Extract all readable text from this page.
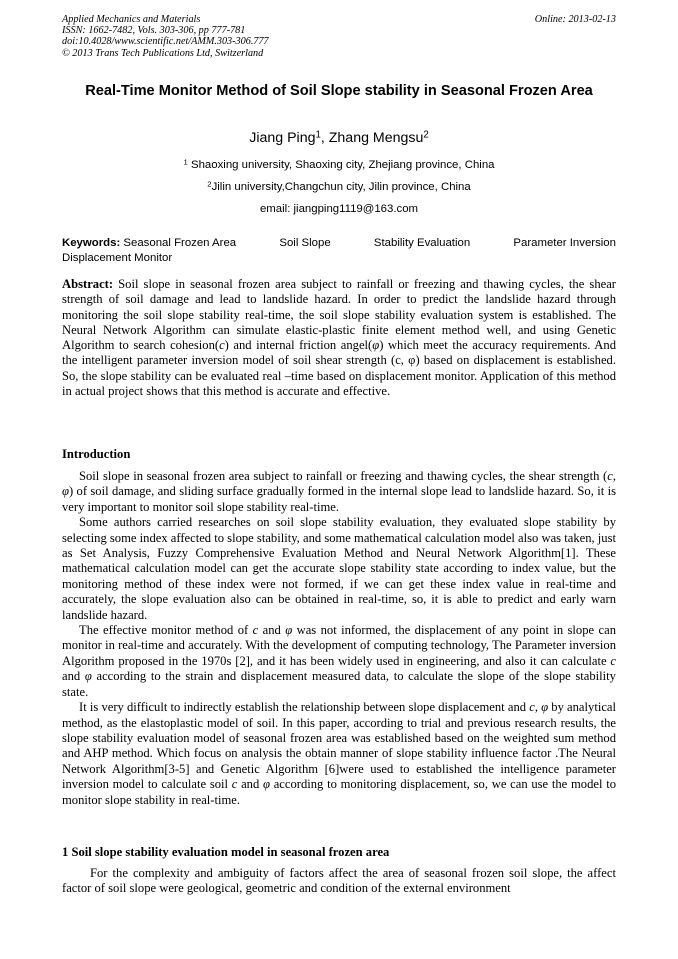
Applied Mechanics and Materials
ISSN: 1662-7482, Vols. 303-306, pp 777-781
doi:10.4028/www.scientific.net/AMM.303-306.777
© 2013 Trans Tech Publications Ltd, Switzerland
Online: 2013-02-13
Real-Time Monitor Method of Soil Slope stability in Seasonal Frozen Area
Jiang Ping$^1$, Zhang Mengsu$^2$
$^1$ Shaoxing university, Shaoxing city, Zhejiang province, China
$^2$Jilin university,Changchun city, Jilin province, China
email: jiangping1119@163.com
Keywords: Seasonal Frozen Area	Soil Slope	Stability Evaluation	Parameter Inversion
Displacement Monitor
Abstract: Soil slope in seasonal frozen area subject to rainfall or freezing and thawing cycles, the shear strength of soil damage and lead to landslide hazard. In order to predict the landslide hazard through monitoring the soil slope stability real-time, the soil slope stability evaluation system is established. The Neural Network Algorithm can simulate elastic-plastic finite element method well, and using Genetic Algorithm to search cohesion(c) and internal friction angel(φ) which meet the accuracy requirements. And the intelligent parameter inversion model of soil shear strength (c, φ) based on displacement is established. So, the slope stability can be evaluated real –time based on displacement monitor. Application of this method in actual project shows that this method is accurate and effective.
Introduction

Soil slope in seasonal frozen area subject to rainfall or freezing and thawing cycles, the shear strength (c, φ) of soil damage, and sliding surface gradually formed in the internal slope lead to landslide hazard. So, it is very important to monitor soil slope stability real-time.

Some authors carried researches on soil slope stability evaluation, they evaluated slope stability by selecting some index affected to slope stability, and some mathematical calculation model also was taken, just as Set Analysis, Fuzzy Comprehensive Evaluation Method and Neural Network Algorithm[1]. These mathematical calculation model can get the accurate slope stability state according to index value, but the monitoring method of these index were not formed, if we can get these index value in real-time and accurately, the slope evaluation also can be obtained in real-time, so, it is able to predict and early warn landslide hazard.

The effective monitor method of c and φ was not informed, the displacement of any point in slope can monitor in real-time and accurately. With the development of computing technology, The Parameter inversion Algorithm proposed in the 1970s [2], and it has been widely used in engineering, and also it can calculate c and φ according to the strain and displacement measured data, to calculate the slope of the slope stability state.

It is very difficult to indirectly establish the relationship between slope displacement and c, φ by analytical method, as the elastoplastic model of soil. In this paper, according to trial and previous research results, the slope stability evaluation model of seasonal frozen area was established based on the weighted sum method and AHP method. Which focus on analysis the obtain manner of slope stability influence factor .The Neural Network Algorithm[3-5] and Genetic Algorithm [6]were used to established the intelligence parameter inversion model to calculate soil c and φ according to monitoring displacement, so, we can use the model to monitor slope stability in real-time.

1 Soil slope stability evaluation model in seasonal frozen area

For the complexity and ambiguity of factors affect the area of seasonal frozen soil slope, the affect factor of soil slope were geological, geometric and condition of the external environment
